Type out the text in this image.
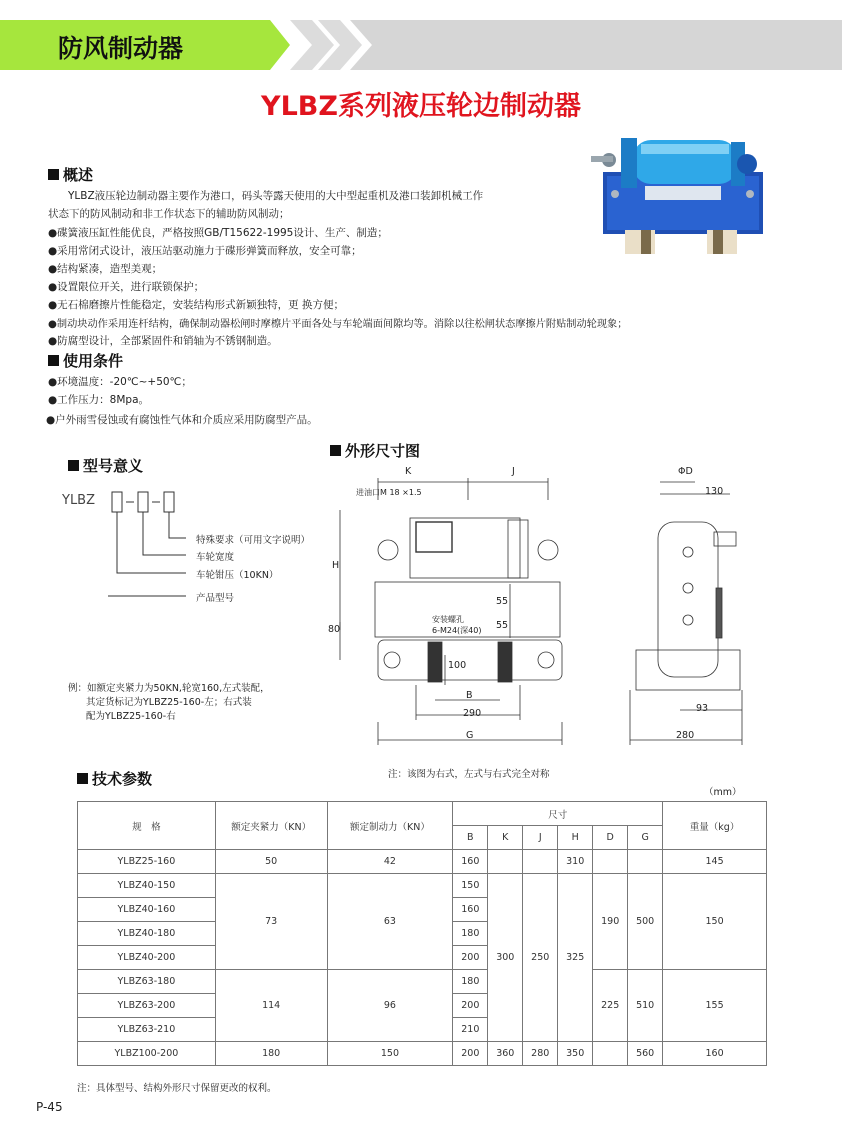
防风制动器
YLBZ系列液压轮边制动器
概述
YLBZ液压轮边制动器主要作为港口，码头等露天使用的大中型起重机及港口装卸机械工作
状态下的防风制动和非工作状态下的辅助防风制动；
●碟簧液压缸性能优良，严格按照GB/T15622-1995设计、生产、制造；
●采用常闭式设计，液压站驱动施力于碟形弹簧而释放，安全可靠；
●结构紧凑，造型美观；
●设置限位开关，进行联锁保护；
●无石棉磨擦片性能稳定，安装结构形式新颖独特，更 换方便；
●制动块动作采用连杆结构，确保制动器松闸时摩檫片平面各处与车轮端面间隙均等。消除以往松闸状态摩擦片附贴制动轮现象；
●防腐型设计，全部紧固件和销轴为不锈钢制造。
使用条件
●环境温度：-20℃~+50℃；
●工作压力：8Mpa。
●户外雨雪侵蚀或有腐蚀性气体和介质应采用防腐型产品。
型号意义
YLBZ
特殊要求（可用文字说明）
车轮宽度
车轮钳压（10KN）
产品型号
例：如额定夹紧力为50KN,轮宽160,左式装配，
其定货标记为YLBZ25-160-左；右式装
配为YLBZ25-160-右
外形尺寸图
K	J	ΦD
130
进油口M 18 ×1.5
H
80
55
55
100
B
290
G
93
280
安装螺孔
6-M24(深40)
注：该图为右式，左式与右式完全对称
技术参数
（mm）
规　格	额定夹紧力（KN）	额定制动力（KN）	尺寸						重量（kg）
			B	K	J	H	D	G	
YLBZ25-160	50	42	160			310			145
YLBZ40-150	73	63	150	300	250	325	190	500	150
YLBZ40-160			160						
YLBZ40-180			180						
YLBZ40-200			200						
YLBZ63-180	114	96	180				225	510	155
YLBZ63-200			200						
YLBZ63-210			210						
YLBZ100-200	180	150	200	360	280	350		560	160
注：具体型号、结构外形尺寸保留更改的权利。
P-45
